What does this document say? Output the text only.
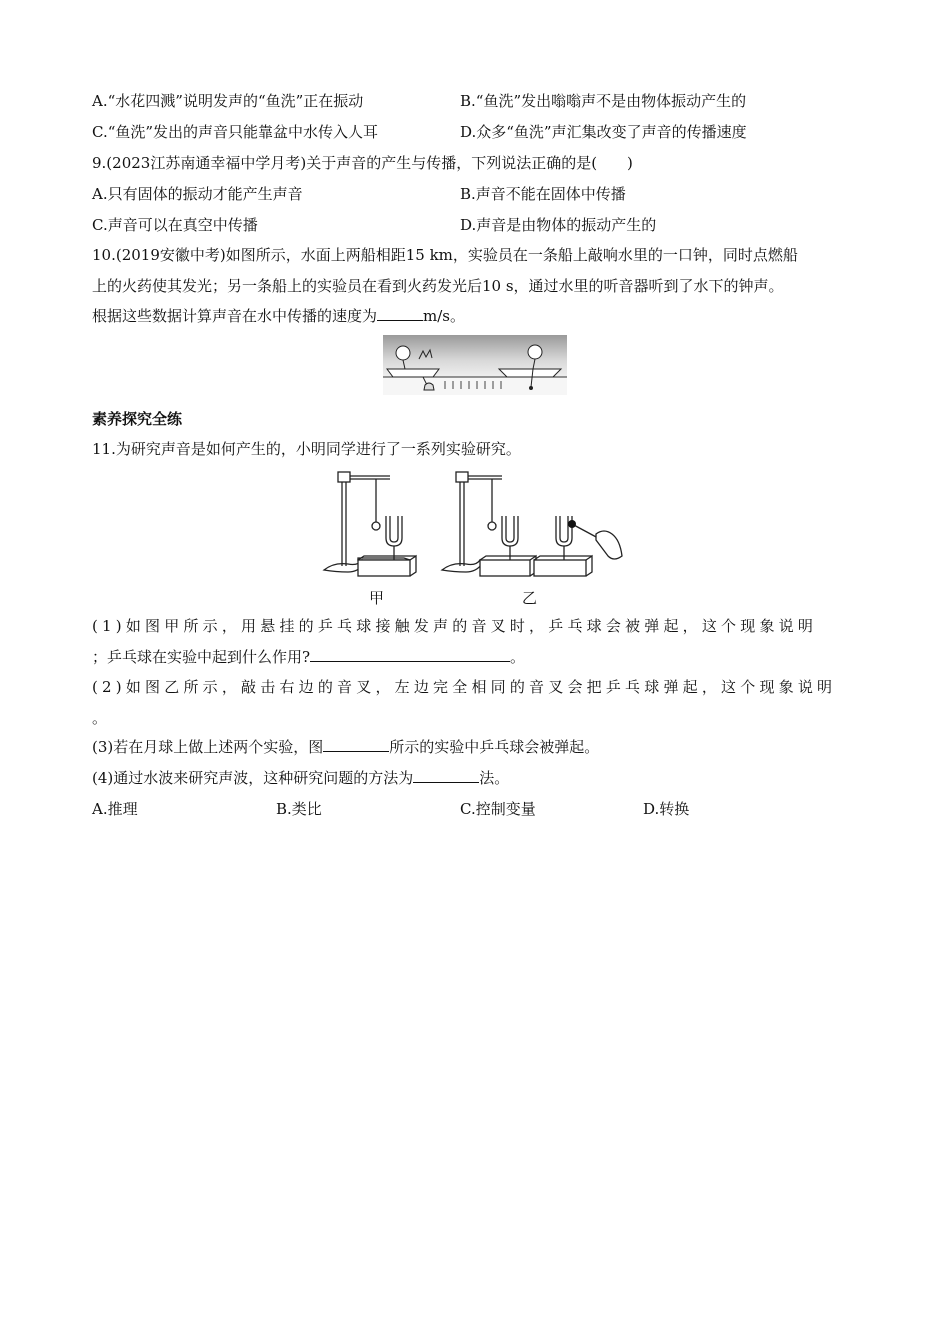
A.“水花四溅”说明发声的“鱼洗”正在振动	B.“鱼洗”发出嗡嗡声不是由物体振动产生的
C.“鱼洗”发出的声音只能靠盆中水传入人耳	D.众多“鱼洗”声汇集改变了声音的传播速度
9.(2023江苏南通幸福中学月考)关于声音的产生与传播，下列说法正确的是(　　)
A.只有固体的振动才能产生声音	B.声音不能在固体中传播
C.声音可以在真空中传播	D.声音是由物体的振动产生的
10.(2019安徽中考)如图所示，水面上两船相距15 km，实验员在一条船上敲响水里的一口钟，同时点燃船
上的火药使其发光；另一条船上的实验员在看到火药发光后10 s，通过水里的听音器听到了水下的钟声。
根据这些数据计算声音在水中传播的速度为	m/s。
素养探究全练
11.为研究声音是如何产生的，小明同学进行了一系列实验研究。
甲	乙
(1)如图甲所示，用悬挂的乒乓球接触发声的音叉时，乒乓球会被弹起，这个现象说明
；乒乓球在实验中起到什么作用?	。
(2)如图乙所示，敲击右边的音叉，左边完全相同的音叉会把乒乓球弹起，这个现象说明
。
(3)若在月球上做上述两个实验，图	所示的实验中乒乓球会被弹起。
(4)通过水波来研究声波，这种研究问题的方法为	法。
A.推理	B.类比	C.控制变量	D.转换
